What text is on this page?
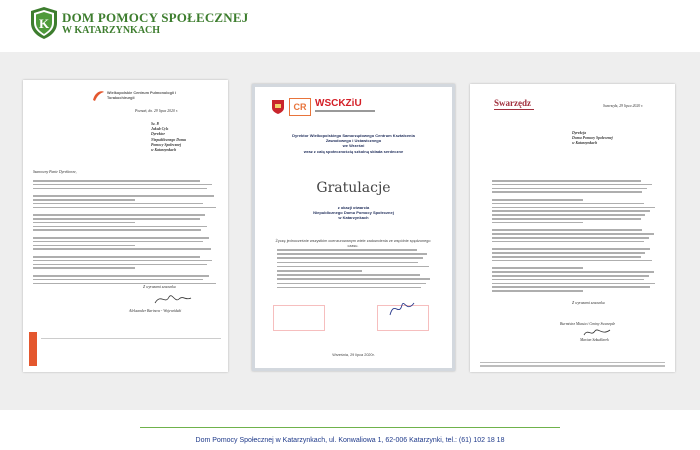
K DOM POMOCY SPOŁECZNEJ
W KATARZYNKACH
Wielkopolskie Centrum Pulmonologii i Torakochirurgii
Poznań, dn. 29 lipca 2020 r.
Sz. P.
Jakub Cyls
Dyrektor
Niepublicznego Domu
Pomocy Społecznej
w Katarzynkach
Szanowny Panie Dyrektorze,
Z wyrazami szacunku
Aleksander Barinow - Wojewódzki
CR WSCKZiU
Dyrektor Wielkopolskiego Samorządowego Centrum Kształcenia
Zawodowego i Ustawicznego
we Wrześni
wraz z całą społecznością szkolną składa serdeczne
Gratulacje
z okazji otwarcia
Niepublicznego Domu Pomocy Społecznej
w Katarzynkach
Życzę jednocześnie wszystkim ocenzurowanym wiele zadowolenia ze wspólnie spędzonego czasu.
Września, 29 lipca 2020r.
Swarzędz	Swarzędz, 29 lipca 2020 r.
Dyrekcja
Domu Pomocy Społecznej
w Katarzynkach
Z wyrazami szacunku
Burmistrz Miasta i Gminy Swarzędz
Marian Szkudlarek
Dom Pomocy Społecznej w Katarzynkach, ul. Konwaliowa 1, 62-006 Katarzynki, tel.: (61) 102 18 18
